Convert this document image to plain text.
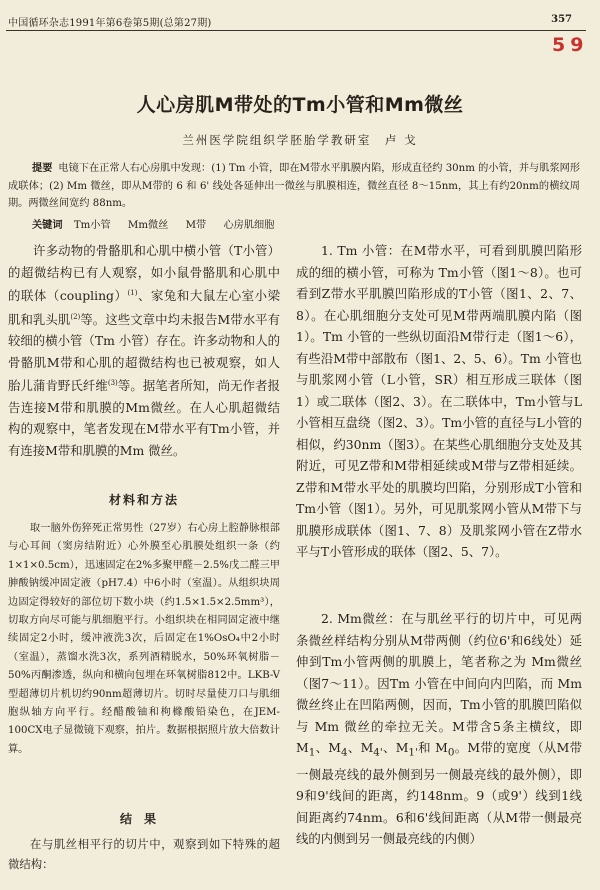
中国循环杂志1991年第6卷第5期(总第27期)	357
59
人心房肌M带处的Tm小管和Mm微丝
兰州医学院组织学胚胎学教研室　卢 戈
提要 电镜下在正常人右心房肌中发现：(1) Tm 小管，即在M带水平肌膜内陷，形成直径约 30nm 的小管，并与肌浆网形成联体；(2) Mm 微丝，即从M带的 6 和 6' 线处各延伸出一微丝与肌膜相连，微丝直径 8～15nm，其上有约20nm的横纹周期。两微丝间宽约 88nm。
关键词 Tm小管 Mm微丝 M带 心房肌细胞
许多动物的骨骼肌和心肌中横小管（T小管）的超微结构已有人观察，如小鼠骨骼肌和心肌中的联体（coupling）$^{(1)}$、家兔和大鼠左心室小梁肌和乳头肌$^{(2)}$等。这些文章中均未报告M带水平有较细的横小管（Tm 小管）存在。许多动物和人的骨骼肌M带和心肌的超微结构也已被观察，如人胎儿蒲肯野氏纤维$^{(3)}$等。据笔者所知，尚无作者报告连接M带和肌膜的Mm微丝。在人心肌超微结构的观察中，笔者发现在M带水平有Tm小管，并有连接M带和肌膜的Mm 微丝。
材料和方法
取一脑外伤猝死正常男性（27岁）右心房上腔静脉根部与心耳间（窦房结附近）心外膜至心肌膜处组织一条（约1×1×0.5cm），迅速固定在2%多聚甲醛－2.5%戊二醛三甲胂酸钠缓冲固定液（pH7.4）中6小时（室温）。从组织块周边固定得较好的部位切下数小块（约1.5×1.5×2.5mm³），切取方向尽可能与肌细胞平行。小组织块在相同固定液中继续固定2小时，缓冲液洗3次，后固定在1%OsO₄中2小时（室温），蒸馏水洗3次，系列酒精脱水，50%环氧树脂－50%丙酮渗透，纵向和横向包埋在环氧树脂812中。LKB-V型超薄切片机切约90nm超薄切片。切时尽量使刀口与肌细胞纵轴方向平行。经醋酸铀和枸橼酸铅染色，在JEM-100CX电子显微镜下观察，拍片。数据根据照片放大倍数计算。
结果
在与肌丝相平行的切片中，观察到如下特殊的超微结构：
1. Tm 小管：在M带水平，可看到肌膜凹陷形成的细的横小管，可称为 Tm小管（图1～8）。也可看到Z带水平肌膜凹陷形成的T小管（图1、2、7、8）。在心肌细胞分支处可见M带两端肌膜内陷（图1）。Tm 小管的一些纵切面沿M带行走（图1～6），有些沿M带中部散布（图1、2、5、6）。Tm 小管也与肌浆网小管（L小管，SR）相互形成三联体（图1）或二联体（图2、3）。在二联体中，Tm小管与L小管相互盘绕（图2、3）。Tm小管的直径与L小管的相似，约30nm（图3）。在某些心肌细胞分支处及其附近，可见Z带和M带相延续或M带与Z带相延续。Z带和M带水平处的肌膜均凹陷，分别形成T小管和Tm小管（图1）。另外，可见肌浆网小管从M带下与肌膜形成联体（图1、7、8）及肌浆网小管在Z带水平与T小管形成的联体（图2、5、7）。
2. Mm微丝：在与肌丝平行的切片中，可见两条微丝样结构分别从M带两侧（约位6'和6线处）延伸到Tm小管两侧的肌膜上，笔者称之为 Mm微丝（图7～11）。因Tm 小管在中间向内凹陷，而 Mm微丝终止在凹陷两侧，因而，Tm小管的肌膜凹陷似与 Mm 微丝的牵拉无关。M带含5条主横纹，即$M_1$、$M_4$、$M_{4'}$、$M_{1'}$和 $M_0$。M带的宽度（从M带一侧最亮线的最外侧到另一侧最亮线的最外侧），即9和9'线间的距离，约148nm。9（或9'）线到1线间距离约74nm。6和6'线间距离（从M带一侧最亮线的内侧到另一侧最亮线的内侧）
